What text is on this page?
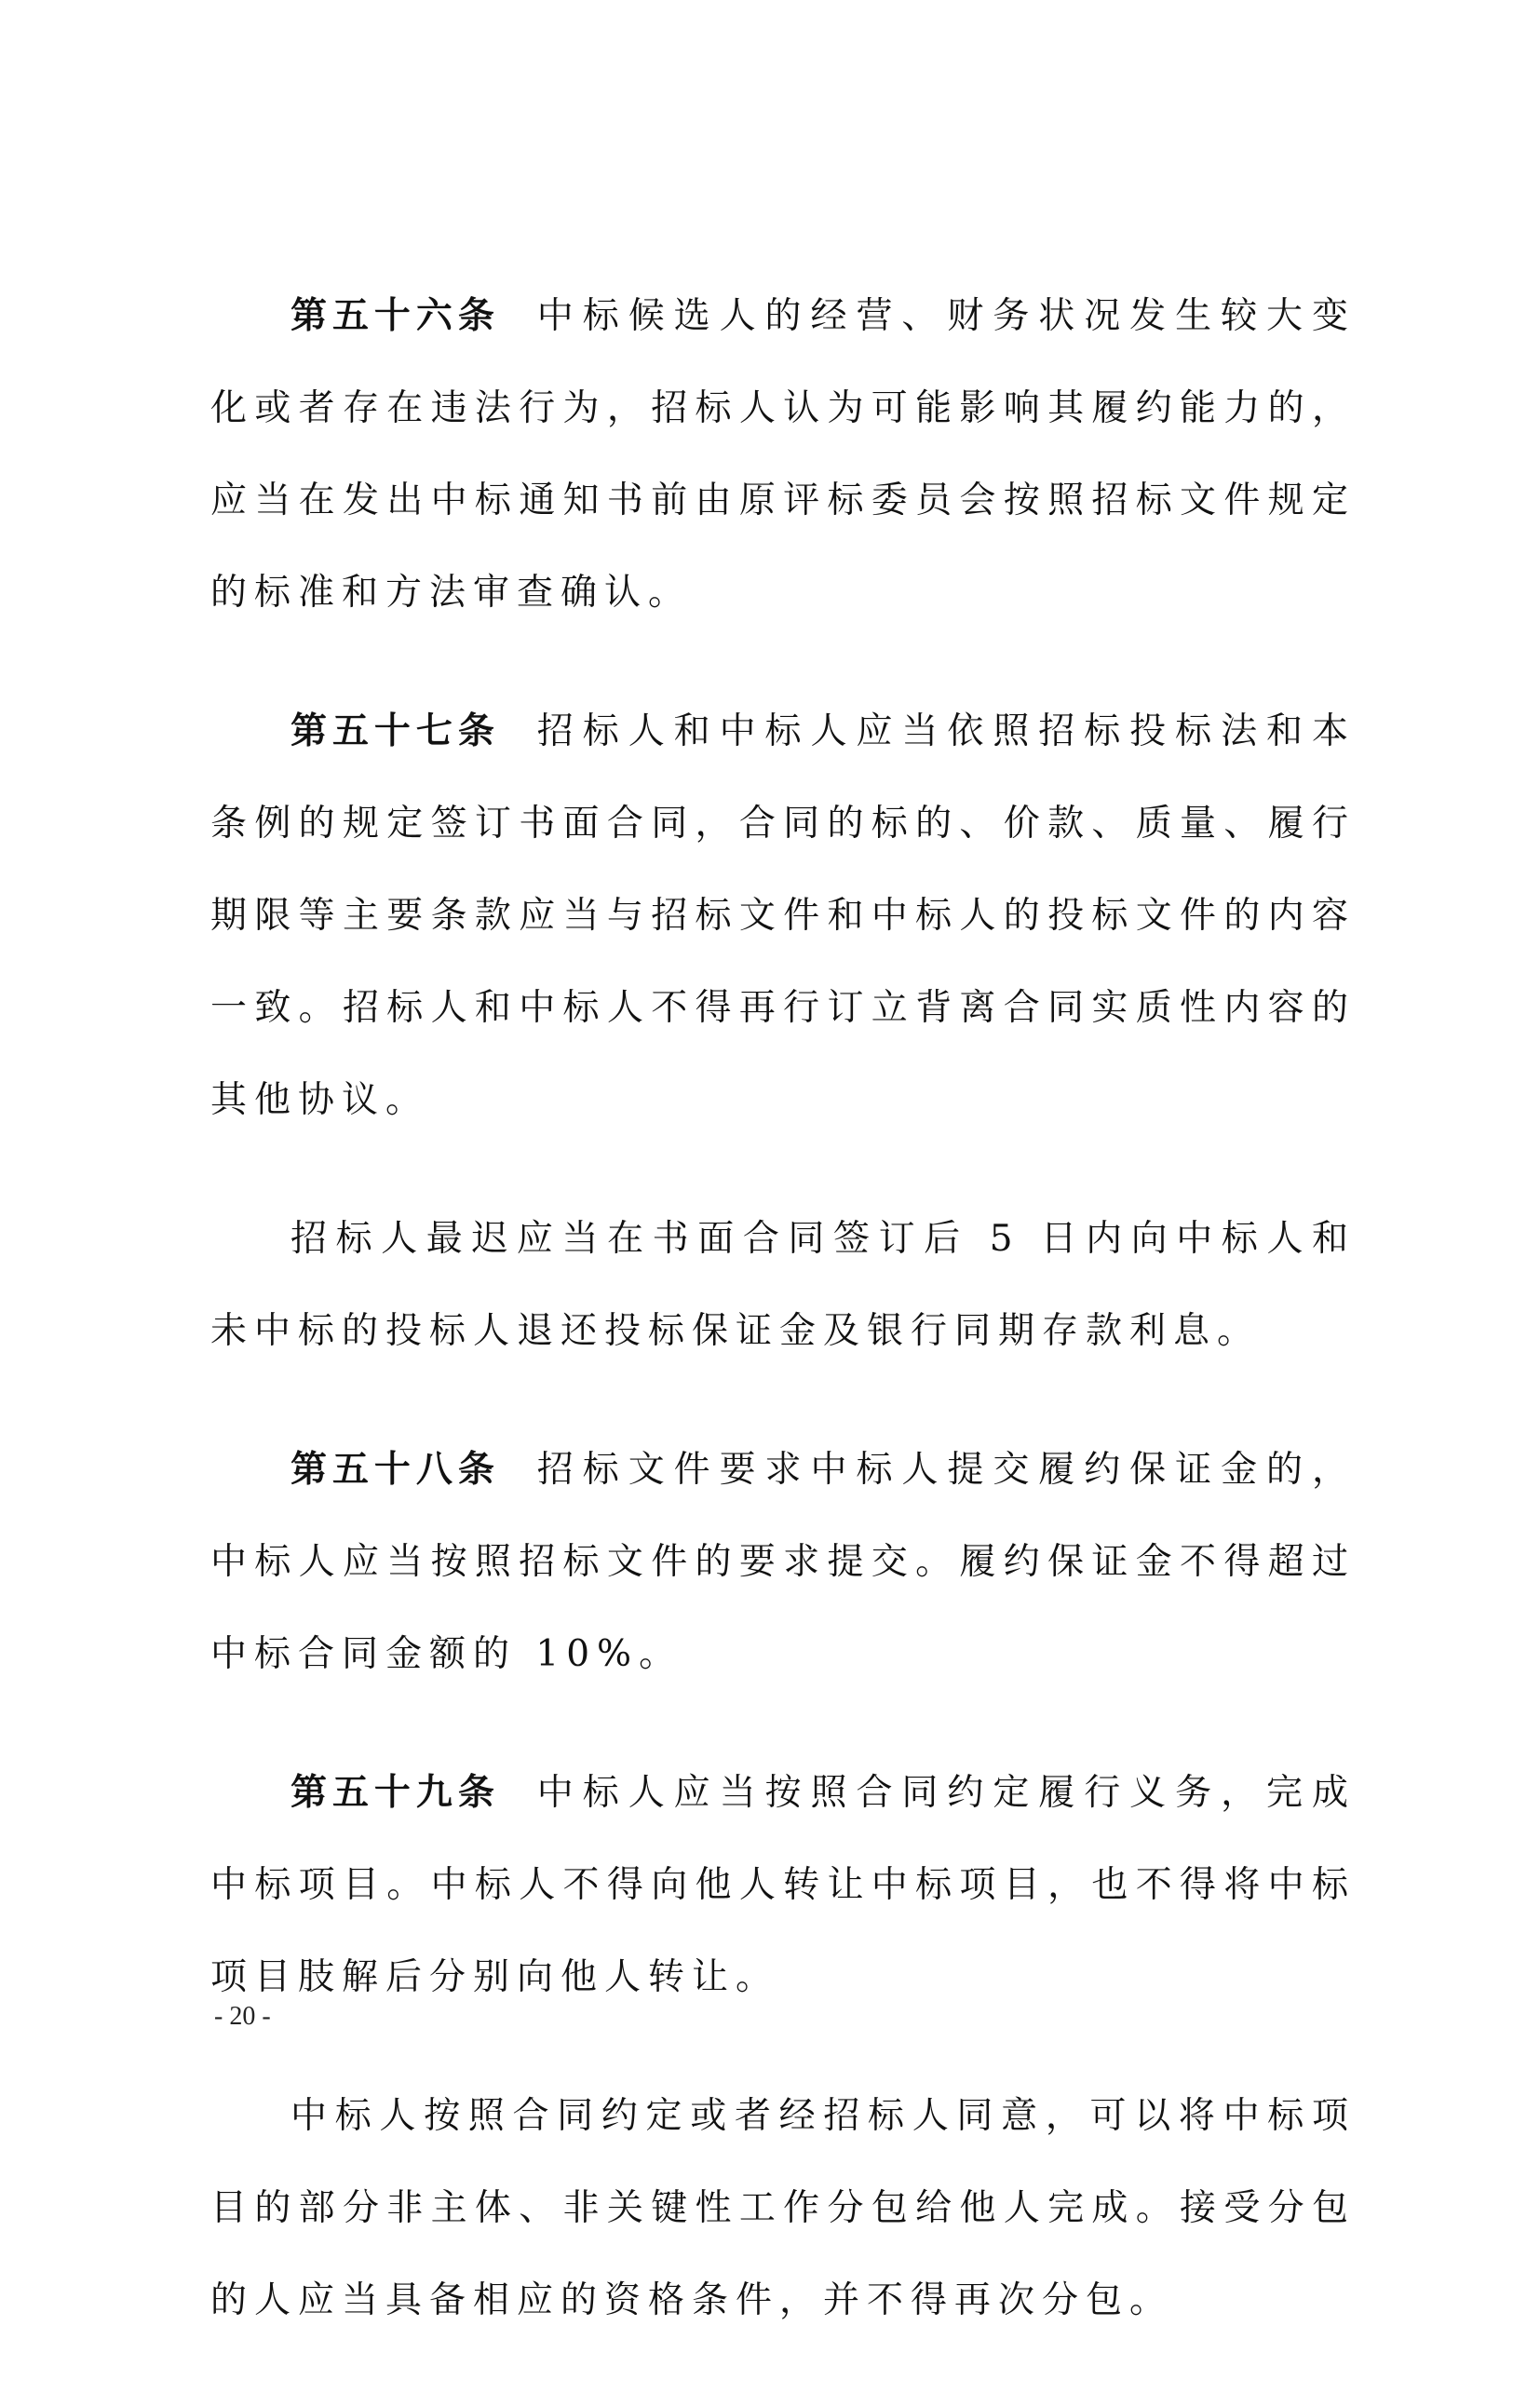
第五十六条 中标候选人的经营、财务状况发生较大变化或者存在违法行为，招标人认为可能影响其履约能力的，应当在发出中标通知书前由原评标委员会按照招标文件规定的标准和方法审查确认。

第五十七条 招标人和中标人应当依照招标投标法和本条例的规定签订书面合同，合同的标的、价款、质量、履行期限等主要条款应当与招标文件和中标人的投标文件的内容一致。招标人和中标人不得再行订立背离合同实质性内容的其他协议。

招标人最迟应当在书面合同签订后 5 日内向中标人和未中标的投标人退还投标保证金及银行同期存款利息。

第五十八条 招标文件要求中标人提交履约保证金的，中标人应当按照招标文件的要求提交。履约保证金不得超过中标合同金额的 10%。

第五十九条 中标人应当按照合同约定履行义务，完成中标项目。中标人不得向他人转让中标项目，也不得将中标项目肢解后分别向他人转让。

中标人按照合同约定或者经招标人同意，可以将中标项目的部分非主体、非关键性工作分包给他人完成。接受分包的人应当具备相应的资格条件，并不得再次分包。

- 20 -
